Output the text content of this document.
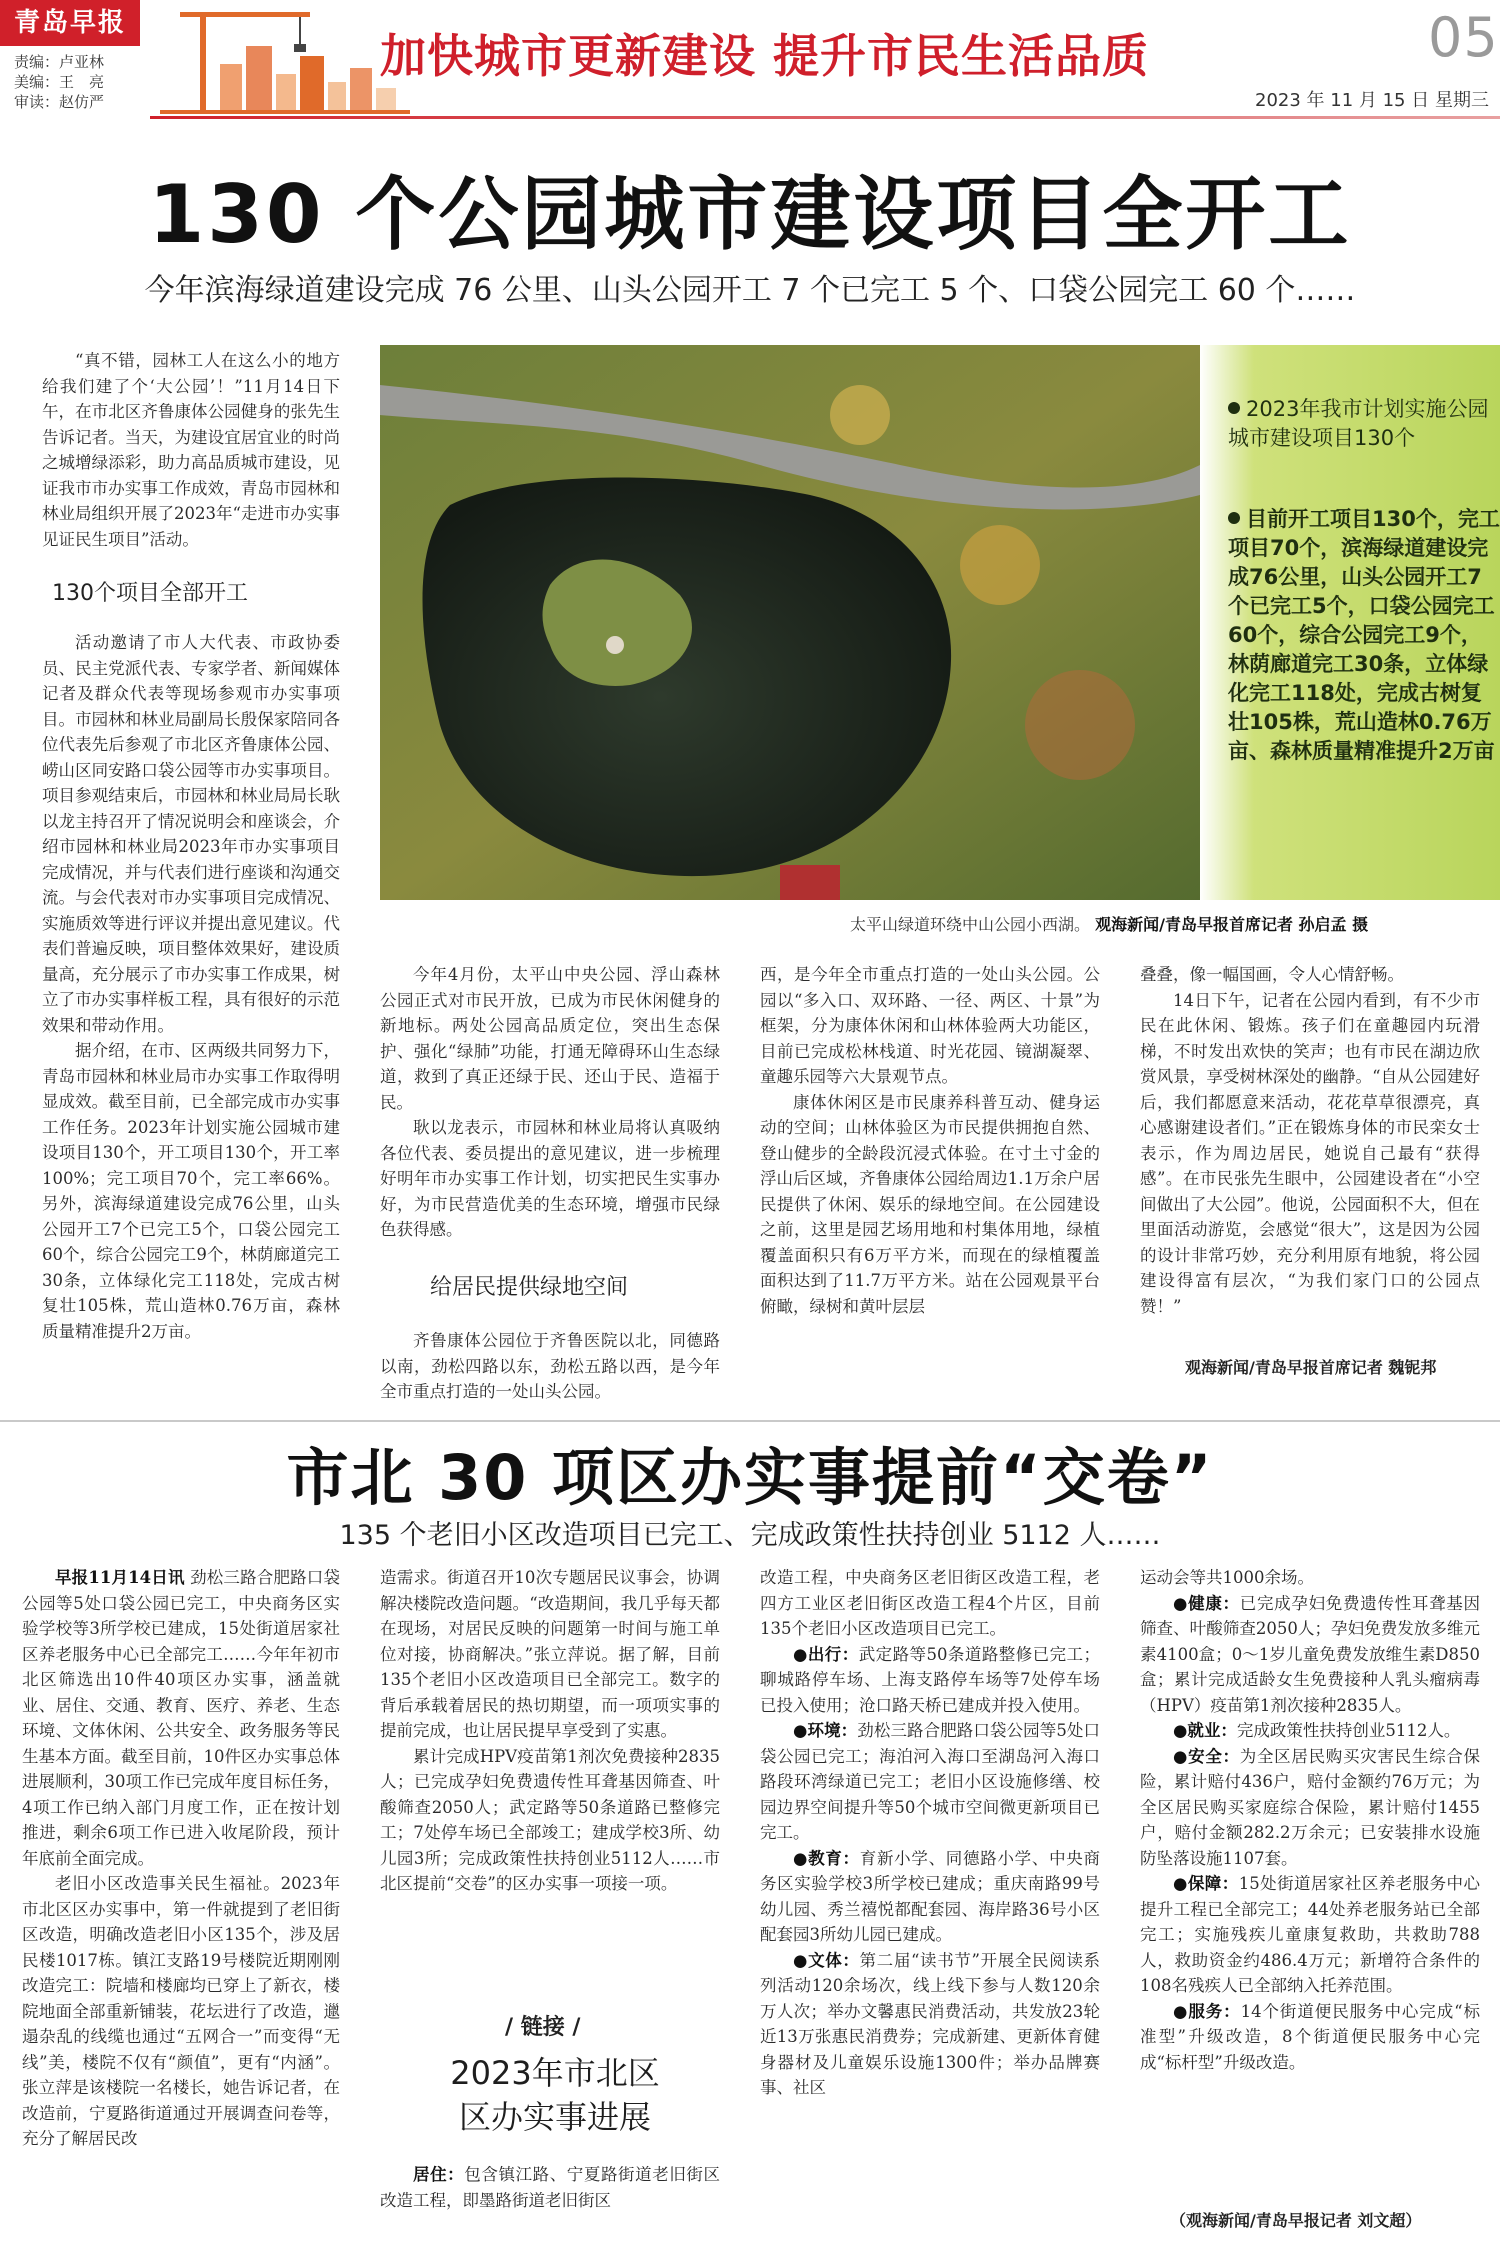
青岛早报
责编：卢亚林
美编：王　亮
审读：赵仿严
加快城市更新建设 提升市民生活品质	05
2023 年 11 月 15 日 星期三
130 个公园城市建设项目全开工
今年滨海绿道建设完成 76 公里、山头公园开工 7 个已完工 5 个、口袋公园完工 60 个……

“真不错，园林工人在这么小的地方给我们建了个‘大公园’！”11月14日下午，在市北区齐鲁康体公园健身的张先生告诉记者。当天，为建设宜居宜业的时尚之城增绿添彩，助力高品质城市建设，见证我市市办实事工作成效，青岛市园林和林业局组织开展了2023年“走进市办实事 见证民生项目”活动。

130个项目全部开工

活动邀请了市人大代表、市政协委员、民主党派代表、专家学者、新闻媒体记者及群众代表等现场参观市办实事项目。市园林和林业局副局长殷保家陪同各位代表先后参观了市北区齐鲁康体公园、崂山区同安路口袋公园等市办实事项目。项目参观结束后，市园林和林业局局长耿以龙主持召开了情况说明会和座谈会，介绍市园林和林业局2023年市办实事项目完成情况，并与代表们进行座谈和沟通交流。与会代表对市办实事项目完成情况、实施质效等进行评议并提出意见建议。代表们普遍反映，项目整体效果好，建设质量高，充分展示了市办实事工作成果，树立了市办实事样板工程，具有很好的示范效果和带动作用。

据介绍，在市、区两级共同努力下，青岛市园林和林业局市办实事工作取得明显成效。截至目前，已全部完成市办实事工作任务。2023年计划实施公园城市建设项目130个，开工项目130个，开工率100%；完工项目70个，完工率66%。另外，滨海绿道建设完成76公里，山头公园开工7个已完工5个，口袋公园完工60个，综合公园完工9个，林荫廊道完工30条，立体绿化完工118处，完成古树复壮105株，荒山造林0.76万亩，森林质量精准提升2万亩。

2023年我市计划实施公园城市建设项目130个
目前开工项目130个，完工项目70个，滨海绿道建设完成76公里，山头公园开工7个已完工5个，口袋公园完工60个，综合公园完工9个，林荫廊道完工30条，立体绿化完工118处，完成古树复壮105株，荒山造林0.76万亩、森林质量精准提升2万亩
太平山绿道环绕中山公园小西湖。 观海新闻/青岛早报首席记者 孙启孟 摄

今年4月份，太平山中央公园、浮山森林公园正式对市民开放，已成为市民休闲健身的新地标。两处公园高品质定位，突出生态保护、强化“绿肺”功能，打通无障碍环山生态绿道，救到了真正还绿于民、还山于民、造福于民。

耿以龙表示，市园林和林业局将认真吸纳各位代表、委员提出的意见建议，进一步梳理好明年市办实事工作计划，切实把民生实事办好，为市民营造优美的生态环境，增强市民绿色获得感。

给居民提供绿地空间

齐鲁康体公园位于齐鲁医院以北，同德路以南，劲松四路以东，劲松五路以西，是今年全市重点打造的一处山头公园。

西，是今年全市重点打造的一处山头公园。公园以“多入口、双环路、一径、两区、十景”为框架，分为康体休闲和山林体验两大功能区，目前已完成松林栈道、时光花园、镜湖凝翠、童趣乐园等六大景观节点。

康体休闲区是市民康养科普互动、健身运动的空间；山林体验区为市民提供拥抱自然、登山健步的全龄段沉浸式体验。在寸土寸金的浮山后区域，齐鲁康体公园给周边1.1万余户居民提供了休闲、娱乐的绿地空间。在公园建设之前，这里是园艺场用地和村集体用地，绿植覆盖面积只有6万平方米，而现在的绿植覆盖面积达到了11.7万平方米。站在公园观景平台俯瞰，绿树和黄叶层层

叠叠，像一幅国画，令人心情舒畅。

14日下午，记者在公园内看到，有不少市民在此休闲、锻炼。孩子们在童趣园内玩滑梯，不时发出欢快的笑声；也有市民在湖边欣赏风景，享受树林深处的幽静。“自从公园建好后，我们都愿意来活动，花花草草很漂亮，真心感谢建设者们。”正在锻炼身体的市民栾女士表示，作为周边居民，她说自己最有“获得感”。在市民张先生眼中，公园建设者在“小空间做出了大公园”。他说，公园面积不大，但在里面活动游览，会感觉“很大”，这是因为公园的设计非常巧妙，充分利用原有地貌，将公园建设得富有层次，“为我们家门口的公园点赞！”

观海新闻/青岛早报首席记者 魏铌邦
市北 30 项区办实事提前“交卷”
135 个老旧小区改造项目已完工、完成政策性扶持创业 5112 人……

早报11月14日讯 劲松三路合肥路口袋公园等5处口袋公园已完工，中央商务区实验学校等3所学校已建成，15处街道居家社区养老服务中心已全部完工……今年年初市北区筛选出10件40项区办实事，涵盖就业、居住、交通、教育、医疗、养老、生态环境、文体休闲、公共安全、政务服务等民生基本方面。截至目前，10件区办实事总体进展顺利，30项工作已完成年度目标任务，4项工作已纳入部门月度工作，正在按计划推进，剩余6项工作已进入收尾阶段，预计年底前全面完成。

老旧小区改造事关民生福祉。2023年市北区区办实事中，第一件就提到了老旧街区改造，明确改造老旧小区135个，涉及居民楼1017栋。镇江支路19号楼院近期刚刚改造完工：院墙和楼廊均已穿上了新衣，楼院地面全部重新铺装，花坛进行了改造，邋遢杂乱的线缆也通过“五网合一”而变得“无线”美，楼院不仅有“颜值”，更有“内涵”。张立萍是该楼院一名楼长，她告诉记者，在改造前，宁夏路街道通过开展调查问卷等，充分了解居民改

造需求。街道召开10次专题居民议事会，协调解决楼院改造问题。“改造期间，我几乎每天都在现场，对居民反映的问题第一时间与施工单位对接，协商解决。”张立萍说。据了解，目前135个老旧小区改造项目已全部完工。数字的背后承载着居民的热切期望，而一项项实事的提前完成，也让居民提早享受到了实惠。

累计完成HPV疫苗第1剂次免费接种2835人；已完成孕妇免费遗传性耳聋基因筛查、叶酸筛查2050人；武定路等50条道路已整修完工；7处停车场已全部竣工；建成学校3所、幼儿园3所；完成政策性扶持创业5112人……市北区提前“交卷”的区办实事一项接一项。

/ 链接 /
2023年市北区
区办实事进展

居住：包含镇江路、宁夏路街道老旧街区改造工程，即墨路街道老旧街区

改造工程，中央商务区老旧街区改造工程，老四方工业区老旧街区改造工程4个片区，目前135个老旧小区改造项目已完工。

●出行：武定路等50条道路整修已完工；聊城路停车场、上海支路停车场等7处停车场已投入使用；沧口路天桥已建成并投入使用。

●环境：劲松三路合肥路口袋公园等5处口袋公园已完工；海泊河入海口至湖岛河入海口路段环湾绿道已完工；老旧小区设施修缮、校园边界空间提升等50个城市空间微更新项目已完工。

●教育：育新小学、同德路小学、中央商务区实验学校3所学校已建成；重庆南路99号幼儿园、秀兰禧悦都配套园、海岸路36号小区配套园3所幼儿园已建成。

●文体：第二届“读书节”开展全民阅读系列活动120余场次，线上线下参与人数120余万人次；举办文馨惠民消费活动，共发放23轮近13万张惠民消费券；完成新建、更新体育健身器材及儿童娱乐设施1300件；举办品牌赛事、社区

运动会等共1000余场。

●健康：已完成孕妇免费遗传性耳聋基因筛查、叶酸筛查2050人；孕妇免费发放多维元素4100盒；0～1岁儿童免费发放维生素D850盒；累计完成适龄女生免费接种人乳头瘤病毒（HPV）疫苗第1剂次接种2835人。

●就业：完成政策性扶持创业5112人。

●安全：为全区居民购买灾害民生综合保险，累计赔付436户，赔付金额约76万元；为全区居民购买家庭综合保险，累计赔付1455户，赔付金额282.2万余元；已安装排水设施防坠落设施1107套。

●保障：15处街道居家社区养老服务中心提升工程已全部完工；44处养老服务站已全部完工；实施残疾儿童康复救助，共救助788人，救助资金约486.4万元；新增符合条件的108名残疾人已全部纳入托养范围。

●服务：14个街道便民服务中心完成“标准型”升级改造，8个街道便民服务中心完成“标杆型”升级改造。

（观海新闻/青岛早报记者 刘文超）
